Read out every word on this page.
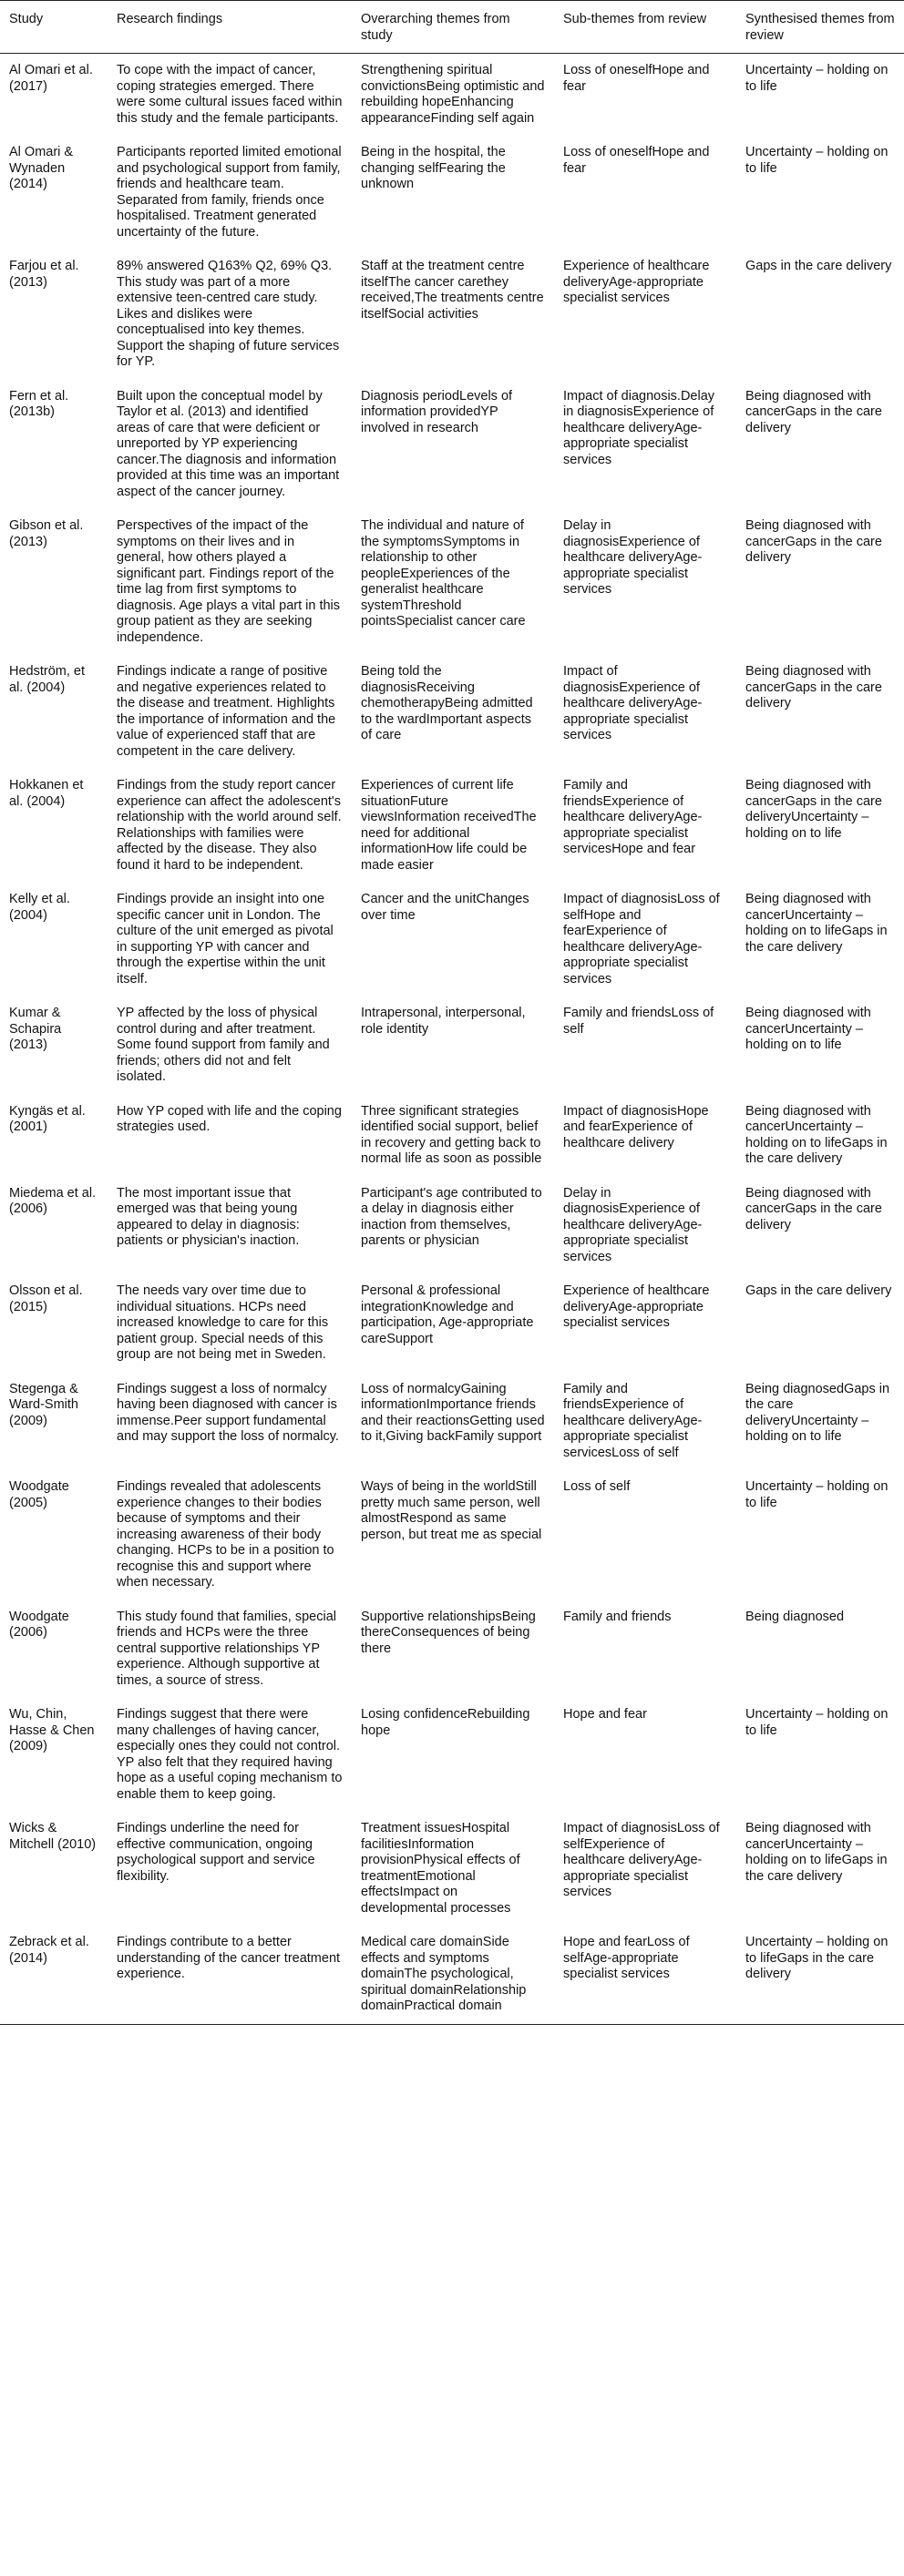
Study	Research findings	Overarching themes from study	Sub-themes from review	Synthesised themes from review
Al Omari et al. (2017)	To cope with the impact of cancer, coping strategies emerged. There were some cultural issues faced within this study and the female participants.	Strengthening spiritual convictionsBeing optimistic and rebuilding hopeEnhancing appearanceFinding self again	Loss of oneselfHope and fear	Uncertainty – holding on to life
Al Omari & Wynaden (2014)	Participants reported limited emotional and psychological support from family, friends and healthcare team. Separated from family, friends once hospitalised. Treatment generated uncertainty of the future.	Being in the hospital, the changing selfFearing the unknown	Loss of oneselfHope and fear	Uncertainty – holding on to life
Farjou et al. (2013)	89% answered Q163% Q2, 69% Q3. This study was part of a more extensive teen-centred care study. Likes and dislikes were conceptualised into key themes. Support the shaping of future services for YP.	Staff at the treatment centre itselfThe cancer carethey received,The treatments centre itselfSocial activities	Experience of healthcare deliveryAge-appropriate specialist services	Gaps in the care delivery
Fern et al. (2013b)	Built upon the conceptual model by Taylor et al. (2013) and identified areas of care that were deficient or unreported by YP experiencing cancer.The diagnosis and information provided at this time was an important aspect of the cancer journey.	Diagnosis periodLevels of information providedYP involved in research	Impact of diagnosis.Delay in diagnosisExperience of healthcare deliveryAge-appropriate specialist services	Being diagnosed with cancerGaps in the care delivery
Gibson et al. (2013)	Perspectives of the impact of the symptoms on their lives and in general, how others played a significant part. Findings report of the time lag from first symptoms to diagnosis. Age plays a vital part in this group patient as they are seeking independence.	The individual and nature of the symptomsSymptoms in relationship to other peopleExperiences of the generalist healthcare systemThreshold pointsSpecialist cancer care	Delay in diagnosisExperience of healthcare deliveryAge-appropriate specialist services	Being diagnosed with cancerGaps in the care delivery
Hedström, et al. (2004)	Findings indicate a range of positive and negative experiences related to the disease and treatment. Highlights the importance of information and the value of experienced staff that are competent in the care delivery.	Being told the diagnosisReceiving chemotherapyBeing admitted to the wardImportant aspects of care	Impact of diagnosisExperience of healthcare deliveryAge-appropriate specialist services	Being diagnosed with cancerGaps in the care delivery
Hokkanen et al. (2004)	Findings from the study report cancer experience can affect the adolescent's relationship with the world around self. Relationships with families were affected by the disease. They also found it hard to be independent.	Experiences of current life situationFuture viewsInformation receivedThe need for additional informationHow life could be made easier	Family and friendsExperience of healthcare deliveryAge-appropriate specialist servicesHope and fear	Being diagnosed with cancerGaps in the care deliveryUncertainty – holding on to life
Kelly et al. (2004)	Findings provide an insight into one specific cancer unit in London. The culture of the unit emerged as pivotal in supporting YP with cancer and through the expertise within the unit itself.	Cancer and the unitChanges over time	Impact of diagnosisLoss of selfHope and fearExperience of healthcare deliveryAge-appropriate specialist services	Being diagnosed with cancerUncertainty – holding on to lifeGaps in the care delivery
Kumar & Schapira (2013)	YP affected by the loss of physical control during and after treatment. Some found support from family and friends; others did not and felt isolated.	Intrapersonal, interpersonal, role identity	Family and friendsLoss of self	Being diagnosed with cancerUncertainty – holding on to life
Kyngäs et al. (2001)	How YP coped with life and the coping strategies used.	Three significant strategies identified social support, belief in recovery and getting back to normal life as soon as possible	Impact of diagnosisHope and fearExperience of healthcare delivery	Being diagnosed with cancerUncertainty – holding on to lifeGaps in the care delivery
Miedema et al. (2006)	The most important issue that emerged was that being young appeared to delay in diagnosis: patients or physician's inaction.	Participant's age contributed to a delay in diagnosis either inaction from themselves, parents or physician	Delay in diagnosisExperience of healthcare deliveryAge-appropriate specialist services	Being diagnosed with cancerGaps in the care delivery
Olsson et al. (2015)	The needs vary over time due to individual situations. HCPs need increased knowledge to care for this patient group. Special needs of this group are not being met in Sweden.	Personal & professional integrationKnowledge and participation, Age-appropriate careSupport	Experience of healthcare deliveryAge-appropriate specialist services	Gaps in the care delivery
Stegenga & Ward-Smith (2009)	Findings suggest a loss of normalcy having been diagnosed with cancer is immense.Peer support fundamental and may support the loss of normalcy.	Loss of normalcyGaining informationImportance friends and their reactionsGetting used to it,Giving backFamily support	Family and friendsExperience of healthcare deliveryAge-appropriate specialist servicesLoss of self	Being diagnosedGaps in the care deliveryUncertainty – holding on to life
Woodgate (2005)	Findings revealed that adolescents experience changes to their bodies because of symptoms and their increasing awareness of their body changing. HCPs to be in a position to recognise this and support where when necessary.	Ways of being in the worldStill pretty much same person, well almostRespond as same person, but treat me as special	Loss of self	Uncertainty – holding on to life
Woodgate (2006)	This study found that families, special friends and HCPs were the three central supportive relationships YP experience. Although supportive at times, a source of stress.	Supportive relationshipsBeing thereConsequences of being there	Family and friends	Being diagnosed
Wu, Chin, Hasse & Chen (2009)	Findings suggest that there were many challenges of having cancer, especially ones they could not control. YP also felt that they required having hope as a useful coping mechanism to enable them to keep going.	Losing confidenceRebuilding hope	Hope and fear	Uncertainty – holding on to life
Wicks & Mitchell (2010)	Findings underline the need for effective communication, ongoing psychological support and service flexibility.	Treatment issuesHospital facilitiesInformation provisionPhysical effects of treatmentEmotional effectsImpact on developmental processes	Impact of diagnosisLoss of selfExperience of healthcare deliveryAge-appropriate specialist services	Being diagnosed with cancerUncertainty – holding on to lifeGaps in the care delivery
Zebrack et al. (2014)	Findings contribute to a better understanding of the cancer treatment experience.	Medical care domainSide effects and symptoms domainThe psychological, spiritual domainRelationship domainPractical domain	Hope and fearLoss of selfAge-appropriate specialist services	Uncertainty – holding on to lifeGaps in the care delivery
